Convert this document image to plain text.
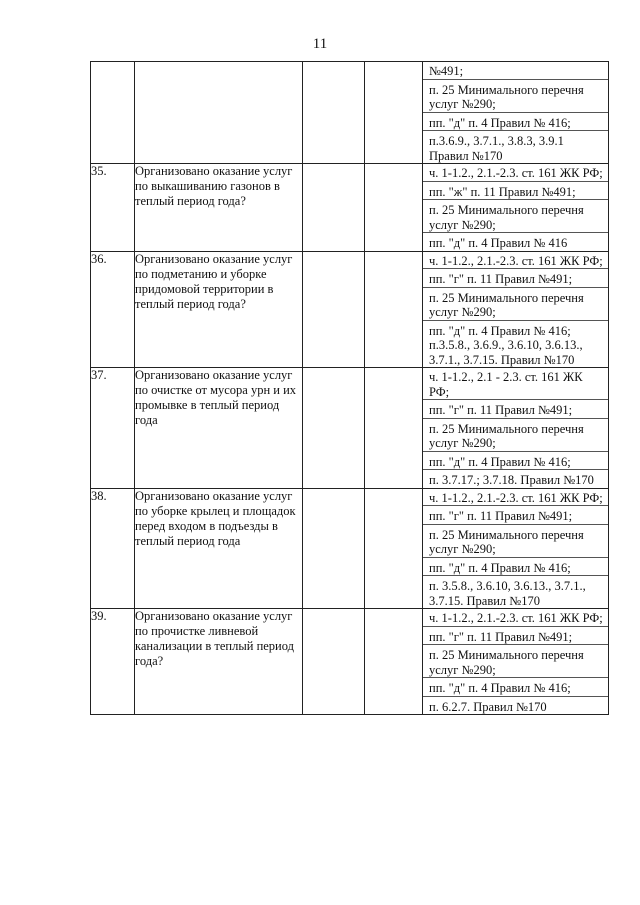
11

				№491;
п. 25 Минимального перечня услуг №290;
пп. "д" п. 4 Правил № 416;
п.3.6.9., 3.7.1., 3.8.3, 3.9.1 Правил №170

35.	Организовано оказание услуг по выкашиванию газонов в теплый период года?			ч. 1-1.2., 2.1.-2.3. ст. 161 ЖК РФ;
пп. "ж" п. 11 Правил №491;
п. 25 Минимального перечня услуг №290;
пп. "д" п. 4 Правил № 416

36.	Организовано оказание услуг по подметанию и уборке придомовой территории в теплый период года?			ч. 1-1.2., 2.1.-2.3. ст. 161 ЖК РФ;
пп. "г" п. 11 Правил №491;
п. 25 Минимального перечня услуг №290;
пп. "д" п. 4 Правил № 416; п.3.5.8., 3.6.9., 3.6.10, 3.6.13., 3.7.1., 3.7.15. Правил №170

37.	Организовано оказание услуг по очистке от мусора урн и их промывке в теплый период года			ч. 1-1.2., 2.1 - 2.3. ст. 161 ЖК РФ;
пп. "г" п. 11 Правил №491;
п. 25 Минимального перечня услуг №290;
пп. "д" п. 4 Правил № 416;
п. 3.7.17.; 3.7.18. Правил №170

38.	Организовано оказание услуг по уборке крылец и площадок перед входом в подъезды в теплый период года			ч. 1-1.2., 2.1.-2.3. ст. 161 ЖК РФ;
пп. "г" п. 11 Правил №491;
п. 25 Минимального перечня услуг №290;
пп. "д" п. 4 Правил № 416;
п. 3.5.8., 3.6.10, 3.6.13., 3.7.1., 3.7.15. Правил №170

39.	Организовано оказание услуг по прочистке ливневой канализации в теплый период года?			ч. 1-1.2., 2.1.-2.3. ст. 161 ЖК РФ;
пп. "г" п. 11 Правил №491;
п. 25 Минимального перечня услуг №290;
пп. "д" п. 4 Правил № 416;
п. 6.2.7. Правил №170
